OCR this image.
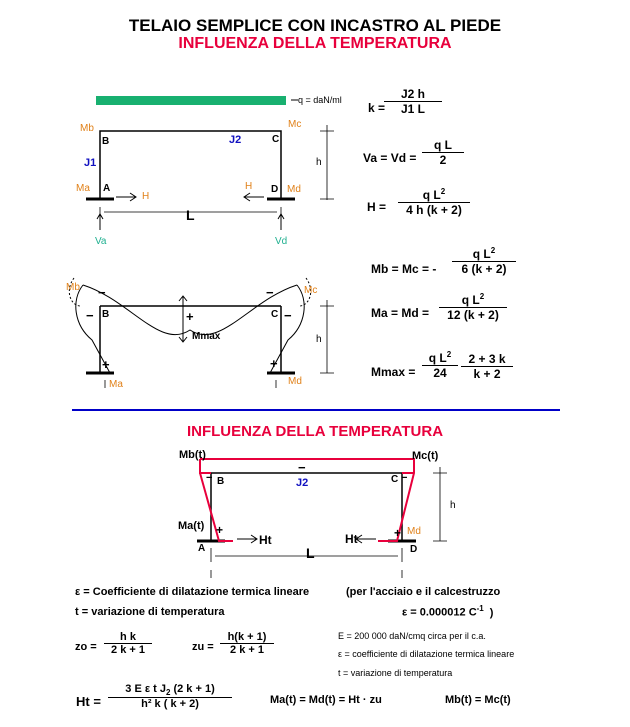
TELAIO SEMPLICE CON INCASTRO AL PIEDE
INFLUENZA DELLA TEMPERATURA
q = daN/ml
Mb	Mc
B	C
J1
J2
h
Ma	Md
A	D
H
H
L
Va	Vd
Mb	Mc
−	−
−	−
B	C
+
Mmax	h
+	+
Ma	Md
k =
$\frac{J2 h}{J1 L}$
$Va = Vd = \frac{\text{q L}}{2}$
$H = \frac{q L^2}{4 h (k + 2)}$
Mb = Mc = - $\frac{q L^2}{6 (k + 2)}$
$Ma = Md = \frac{q L^2}{12 (k + 2)}$
$Mmax = \frac{q L^2}{24} \frac{2 + 3 k}{k + 2}$
INFLUENZA DELLA TEMPERATURA
Mb(t)	Mc(t)
B	C
J2
−
−	−
h
Ma(t)	Md
+	+
A	D
Ht	Ht
L
ε = Coefficiente di dilatazione termica lineare	(per l'acciaio e il calcestruzzo
ε = 0.000012 $C^{-1}$ )
t = variazione di temperatura
zo = $\frac{\text{h k}}{2 k + 1}$	zu = $\frac{h(k + 1)}{2 k + 1}$	E = 200 000 daN/cmq circa per il c.a.
ε = coefficiente di dilatazione termica lineare
t = variazione di temperatura
$Ht = \frac{3 E \varepsilon t J_2 (2 k + 1)}{\text{h² k ( k + 2)}}$	Ma(t) = Md(t) = Ht · zu	Mb(t) = Mc(t)
